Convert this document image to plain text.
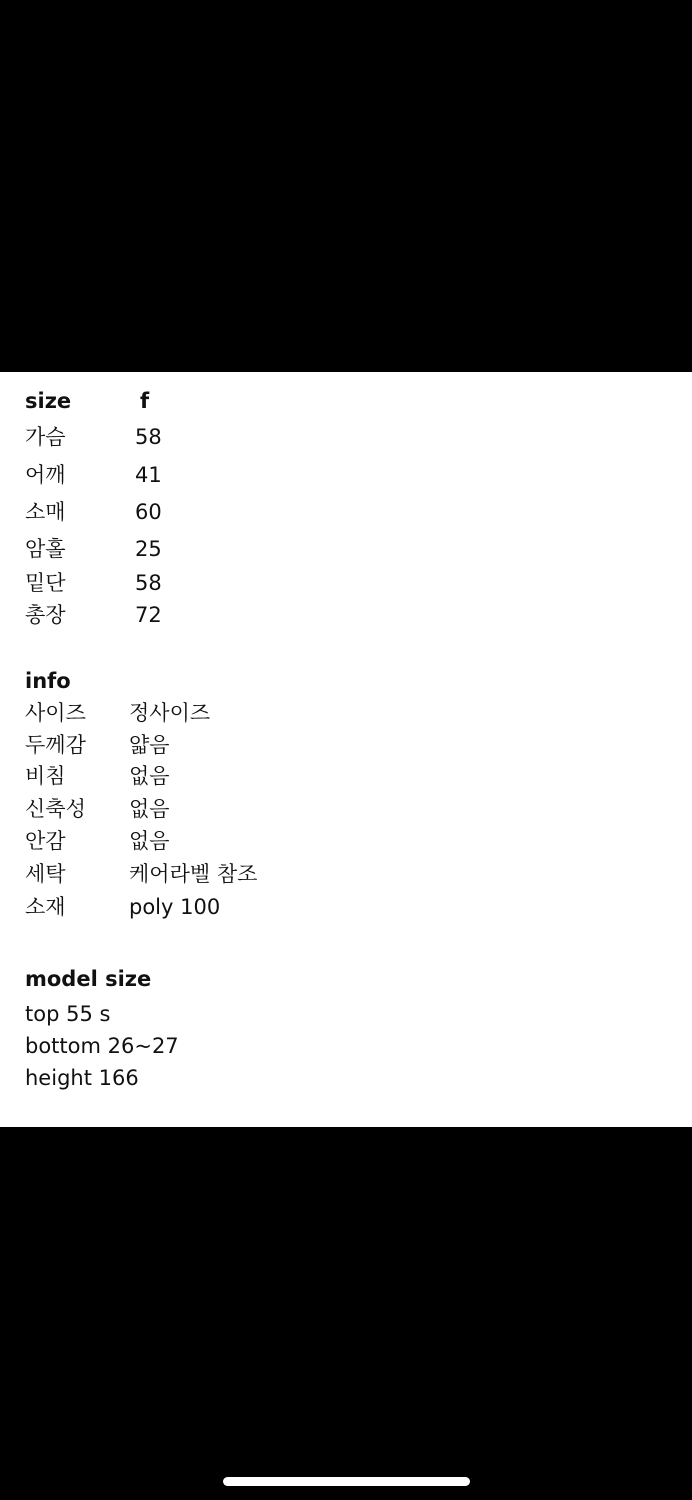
size	f
가슴	58
어깨	41
소매	60
암홀	25
밑단	58
총장	72
info
사이즈 정사이즈
두께감 얇음
비침	없음
신축성 없음
안감	없음
세탁	케어라벨 참조
소재	poly 100
model size
top 55 s
bottom 26~27
height 166
